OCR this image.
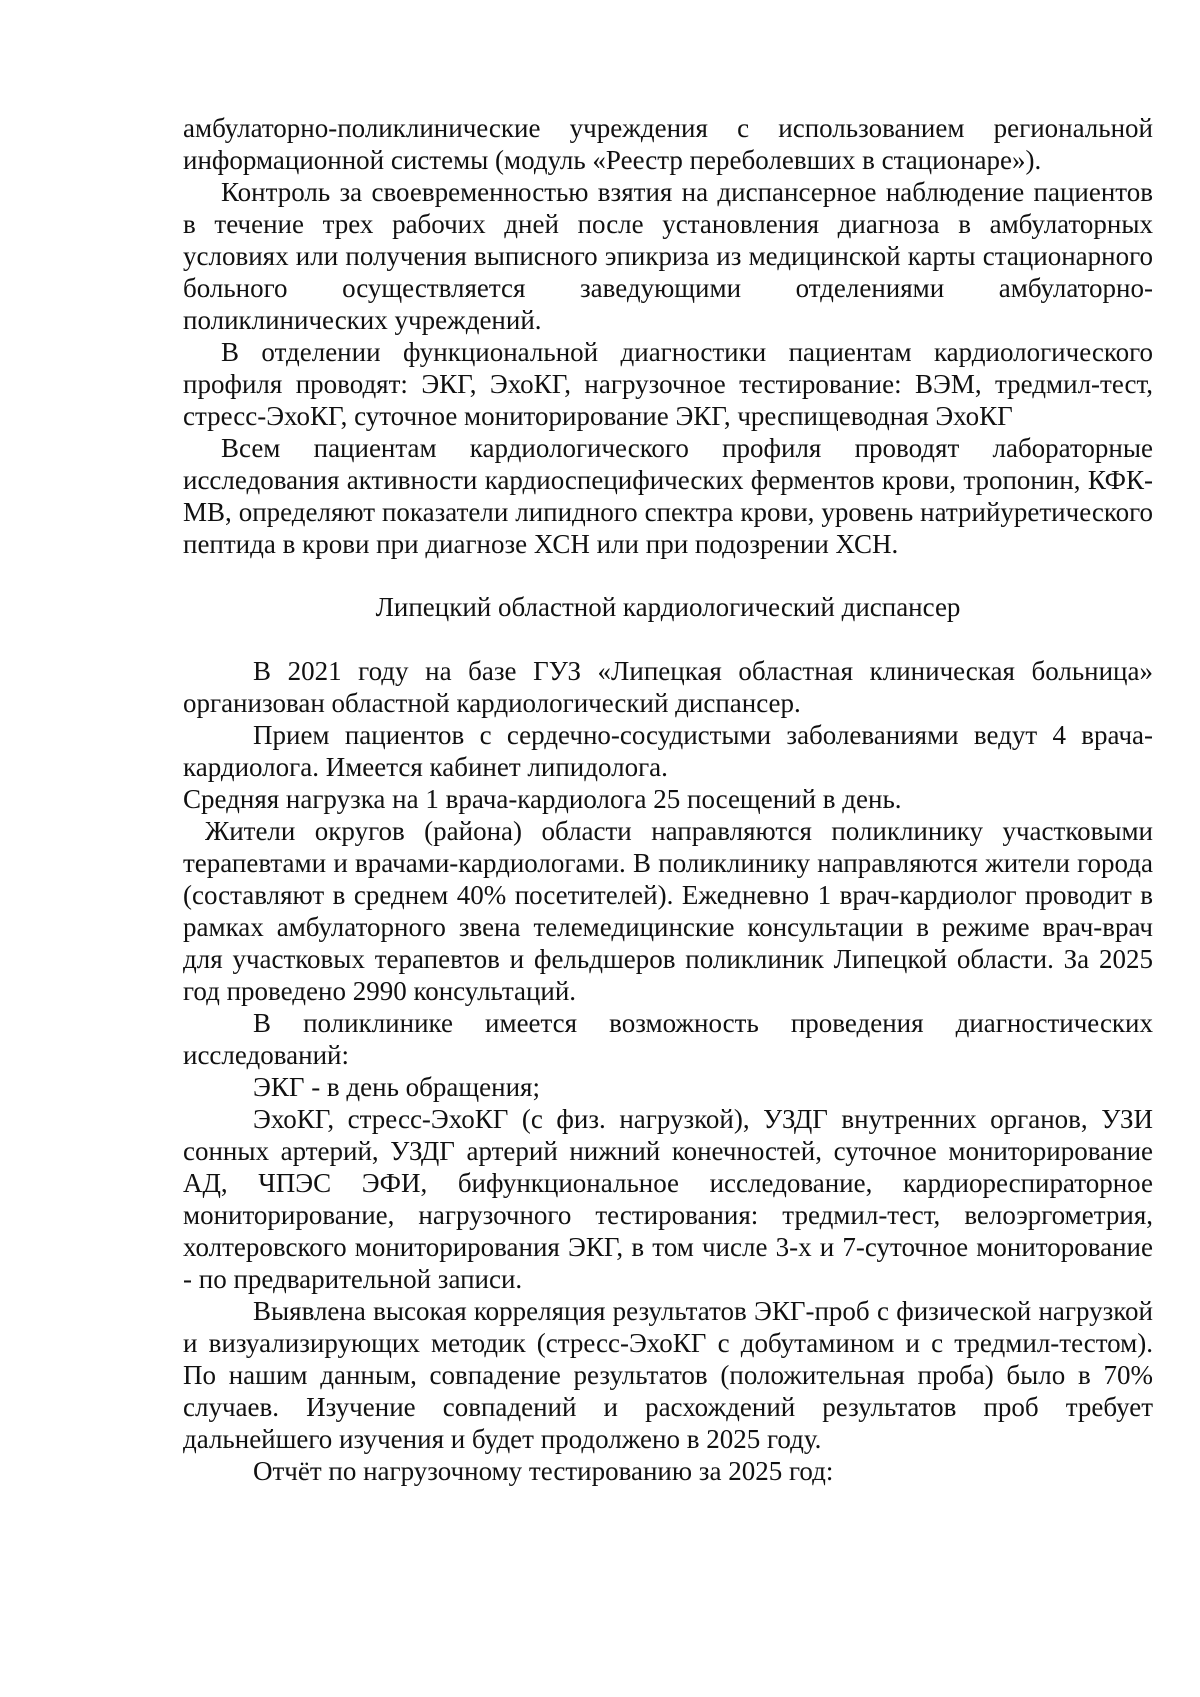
амбулаторно-поликлинические учреждения с использованием региональной информационной системы (модуль «Реестр переболевших в стационаре»).

Контроль за своевременностью взятия на диспансерное наблюдение пациентов в течение трех рабочих дней после установления диагноза в амбулаторных условиях или получения выписного эпикриза из медицинской карты стационарного больного осуществляется заведующими отделениями амбулаторно-поликлинических учреждений.

В отделении функциональной диагностики пациентам кардиологического профиля проводят: ЭКГ, ЭхоКГ, нагрузочное тестирование: ВЭМ, тредмил-тест, стресс-ЭхоКГ, суточное мониторирование ЭКГ, чреспищеводная ЭхоКГ

Всем пациентам кардиологического профиля проводят лабораторные исследования активности кардиоспецифических ферментов крови, тропонин, КФК-МВ, определяют показатели липидного спектра крови, уровень натрийуретического пептида в крови при диагнозе ХСН или при подозрении ХСН.

Липецкий областной кардиологический диспансер

В 2021 году на базе ГУЗ «Липецкая областная клиническая больница» организован областной кардиологический диспансер.

Прием пациентов с сердечно-сосудистыми заболеваниями ведут 4 врача-кардиолога. Имеется кабинет липидолога.

Средняя нагрузка на 1 врача-кардиолога 25 посещений в день.

Жители округов (района) области направляются поликлинику участковыми терапевтами и врачами-кардиологами. В поликлинику направляются жители города (составляют в среднем 40% посетителей). Ежедневно 1 врач-кардиолог проводит в рамках амбулаторного звена телемедицинские консультации в режиме врач-врач для участковых терапевтов и фельдшеров поликлиник Липецкой области. За 2025 год проведено 2990 консультаций.

В поликлинике имеется возможность проведения диагностических исследований:

ЭКГ - в день обращения;

ЭхоКГ, стресс-ЭхоКГ (с физ. нагрузкой), УЗДГ внутренних органов, УЗИ сонных артерий, УЗДГ артерий нижний конечностей, суточное мониторирование АД, ЧПЭС ЭФИ, бифункциональное исследование, кардиореспираторное мониторирование, нагрузочного тестирования: тредмил-тест, велоэргометрия, холтеровского мониторирования ЭКГ, в том числе 3-х и 7-суточное мониторование - по предварительной записи.

Выявлена высокая корреляция результатов ЭКГ-проб с физической нагрузкой и визуализирующих методик (стресс-ЭхоКГ с добутамином и с тредмил-тестом). По нашим данным, совпадение результатов (положительная проба) было в 70% случаев. Изучение совпадений и расхождений результатов проб требует дальнейшего изучения и будет продолжено в 2025 году.

Отчёт по нагрузочному тестированию за 2025 год:
